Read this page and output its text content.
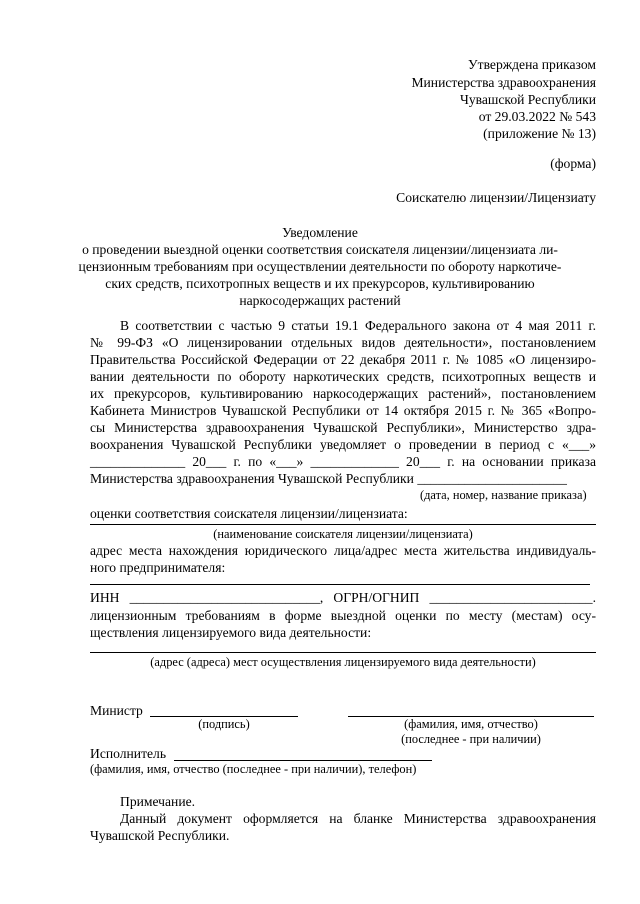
Утверждена приказом
Министерства здравоохранения
Чувашской Республики
от 29.03.2022 № 543
(приложение № 13)
(форма)
Соискателю лицензии/Лицензиату
Уведомление
о проведении выездной оценки соответствия соискателя лицензии/лицензиата ли-
цензионным требованиям при осуществлении деятельности по обороту наркотиче-
ских средств, психотропных веществ и их прекурсоров, культивированию
наркосодержащих растений
В соответствии с частью 9 статьи 19.1 Федерального закона от 4 мая 2011 г.
№ 99-ФЗ «О лицензировании отдельных видов деятельности», постановлением
Правительства Российской Федерации от 22 декабря 2011 г. № 1085 «О лицензиро-
вании деятельности по обороту наркотических средств, психотропных веществ и
их прекурсоров, культивированию наркосодержащих растений», постановлением
Кабинета Министров Чувашской Республики от 14 октября 2015 г. № 365 «Вопро-
сы Министерства здравоохранения Чувашской Республики», Министерство здра-
воохранения Чувашской Республики уведомляет о проведении в период с «___»
______________ 20___ г. по «___» _____________ 20___ г. на основании приказа
Министерства здравоохранения Чувашской Республики ______________________
(дата, номер, название приказа)
оценки соответствия соискателя лицензии/лицензиата:
(наименование соискателя лицензии/лицензиата)
адрес места нахождения юридического лица/адрес места жительства индивидуаль-
ного предпринимателя:
ИНН ____________________________, ОГРН/ОГНИП ________________________.
лицензионным требованиям в форме выездной оценки по месту (местам) осу-
ществления лицензируемого вида деятельности:
(адрес (адреса) мест осуществления лицензируемого вида деятельности)
Министр
(подпись)	(фамилия, имя, отчество)
(последнее - при наличии)
Исполнитель
(фамилия, имя, отчество (последнее - при наличии), телефон)
Примечание.
Данный документ оформляется на бланке Министерства здравоохранения
Чувашской Республики.
